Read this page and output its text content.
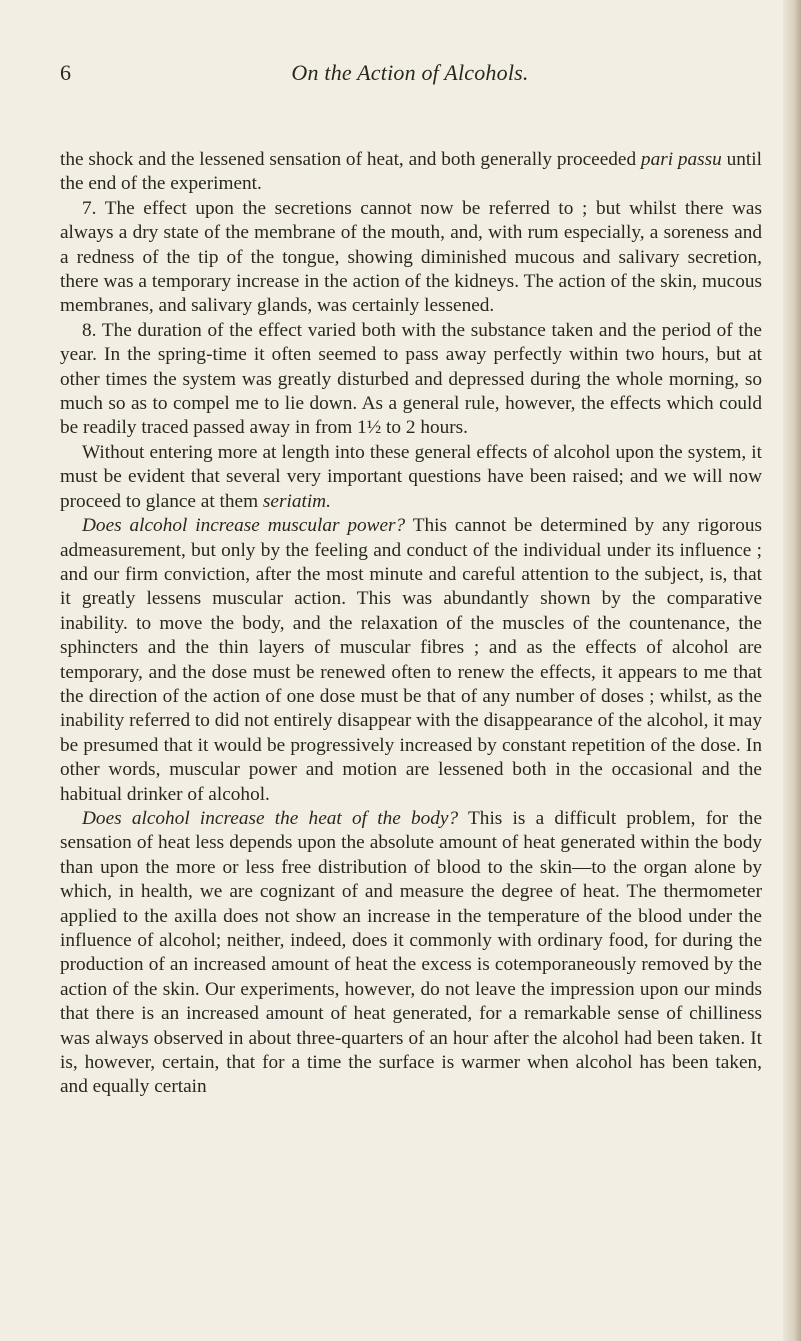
6	On the Action of Alcohols.

the shock and the lessened sensation of heat, and both generally proceeded pari passu until the end of the experiment.

7. The effect upon the secretions cannot now be referred to ; but whilst there was always a dry state of the membrane of the mouth, and, with rum especially, a soreness and a redness of the tip of the tongue, showing diminished mucous and salivary secretion, there was a temporary increase in the action of the kidneys. The action of the skin, mucous membranes, and salivary glands, was certainly lessened.

8. The duration of the effect varied both with the substance taken and the period of the year. In the spring-time it often seemed to pass away perfectly within two hours, but at other times the system was greatly disturbed and depressed during the whole morning, so much so as to compel me to lie down. As a general rule, however, the effects which could be readily traced passed away in from 1½ to 2 hours.

Without entering more at length into these general effects of alcohol upon the system, it must be evident that several very important questions have been raised; and we will now proceed to glance at them seriatim.

Does alcohol increase muscular power? This cannot be determined by any rigorous admeasurement, but only by the feeling and conduct of the individual under its influence ; and our firm conviction, after the most minute and careful attention to the subject, is, that it greatly lessens muscular action. This was abundantly shown by the comparative inability. to move the body, and the relaxation of the muscles of the countenance, the sphincters and the thin layers of muscular fibres ; and as the effects of alcohol are temporary, and the dose must be renewed often to renew the effects, it appears to me that the direction of the action of one dose must be that of any number of doses ; whilst, as the inability referred to did not entirely disappear with the disappearance of the alcohol, it may be presumed that it would be progressively increased by constant repetition of the dose. In other words, muscular power and motion are lessened both in the occasional and the habitual drinker of alcohol.

Does alcohol increase the heat of the body? This is a difficult problem, for the sensation of heat less depends upon the absolute amount of heat generated within the body than upon the more or less free distribution of blood to the skin—to the organ alone by which, in health, we are cognizant of and measure the degree of heat. The thermometer applied to the axilla does not show an increase in the temperature of the blood under the influence of alcohol; neither, indeed, does it commonly with ordinary food, for during the production of an increased amount of heat the excess is cotemporaneously removed by the action of the skin. Our experiments, however, do not leave the impression upon our minds that there is an increased amount of heat generated, for a remarkable sense of chilliness was always observed in about three-quarters of an hour after the alcohol had been taken. It is, however, certain, that for a time the surface is warmer when alcohol has been taken, and equally certain
